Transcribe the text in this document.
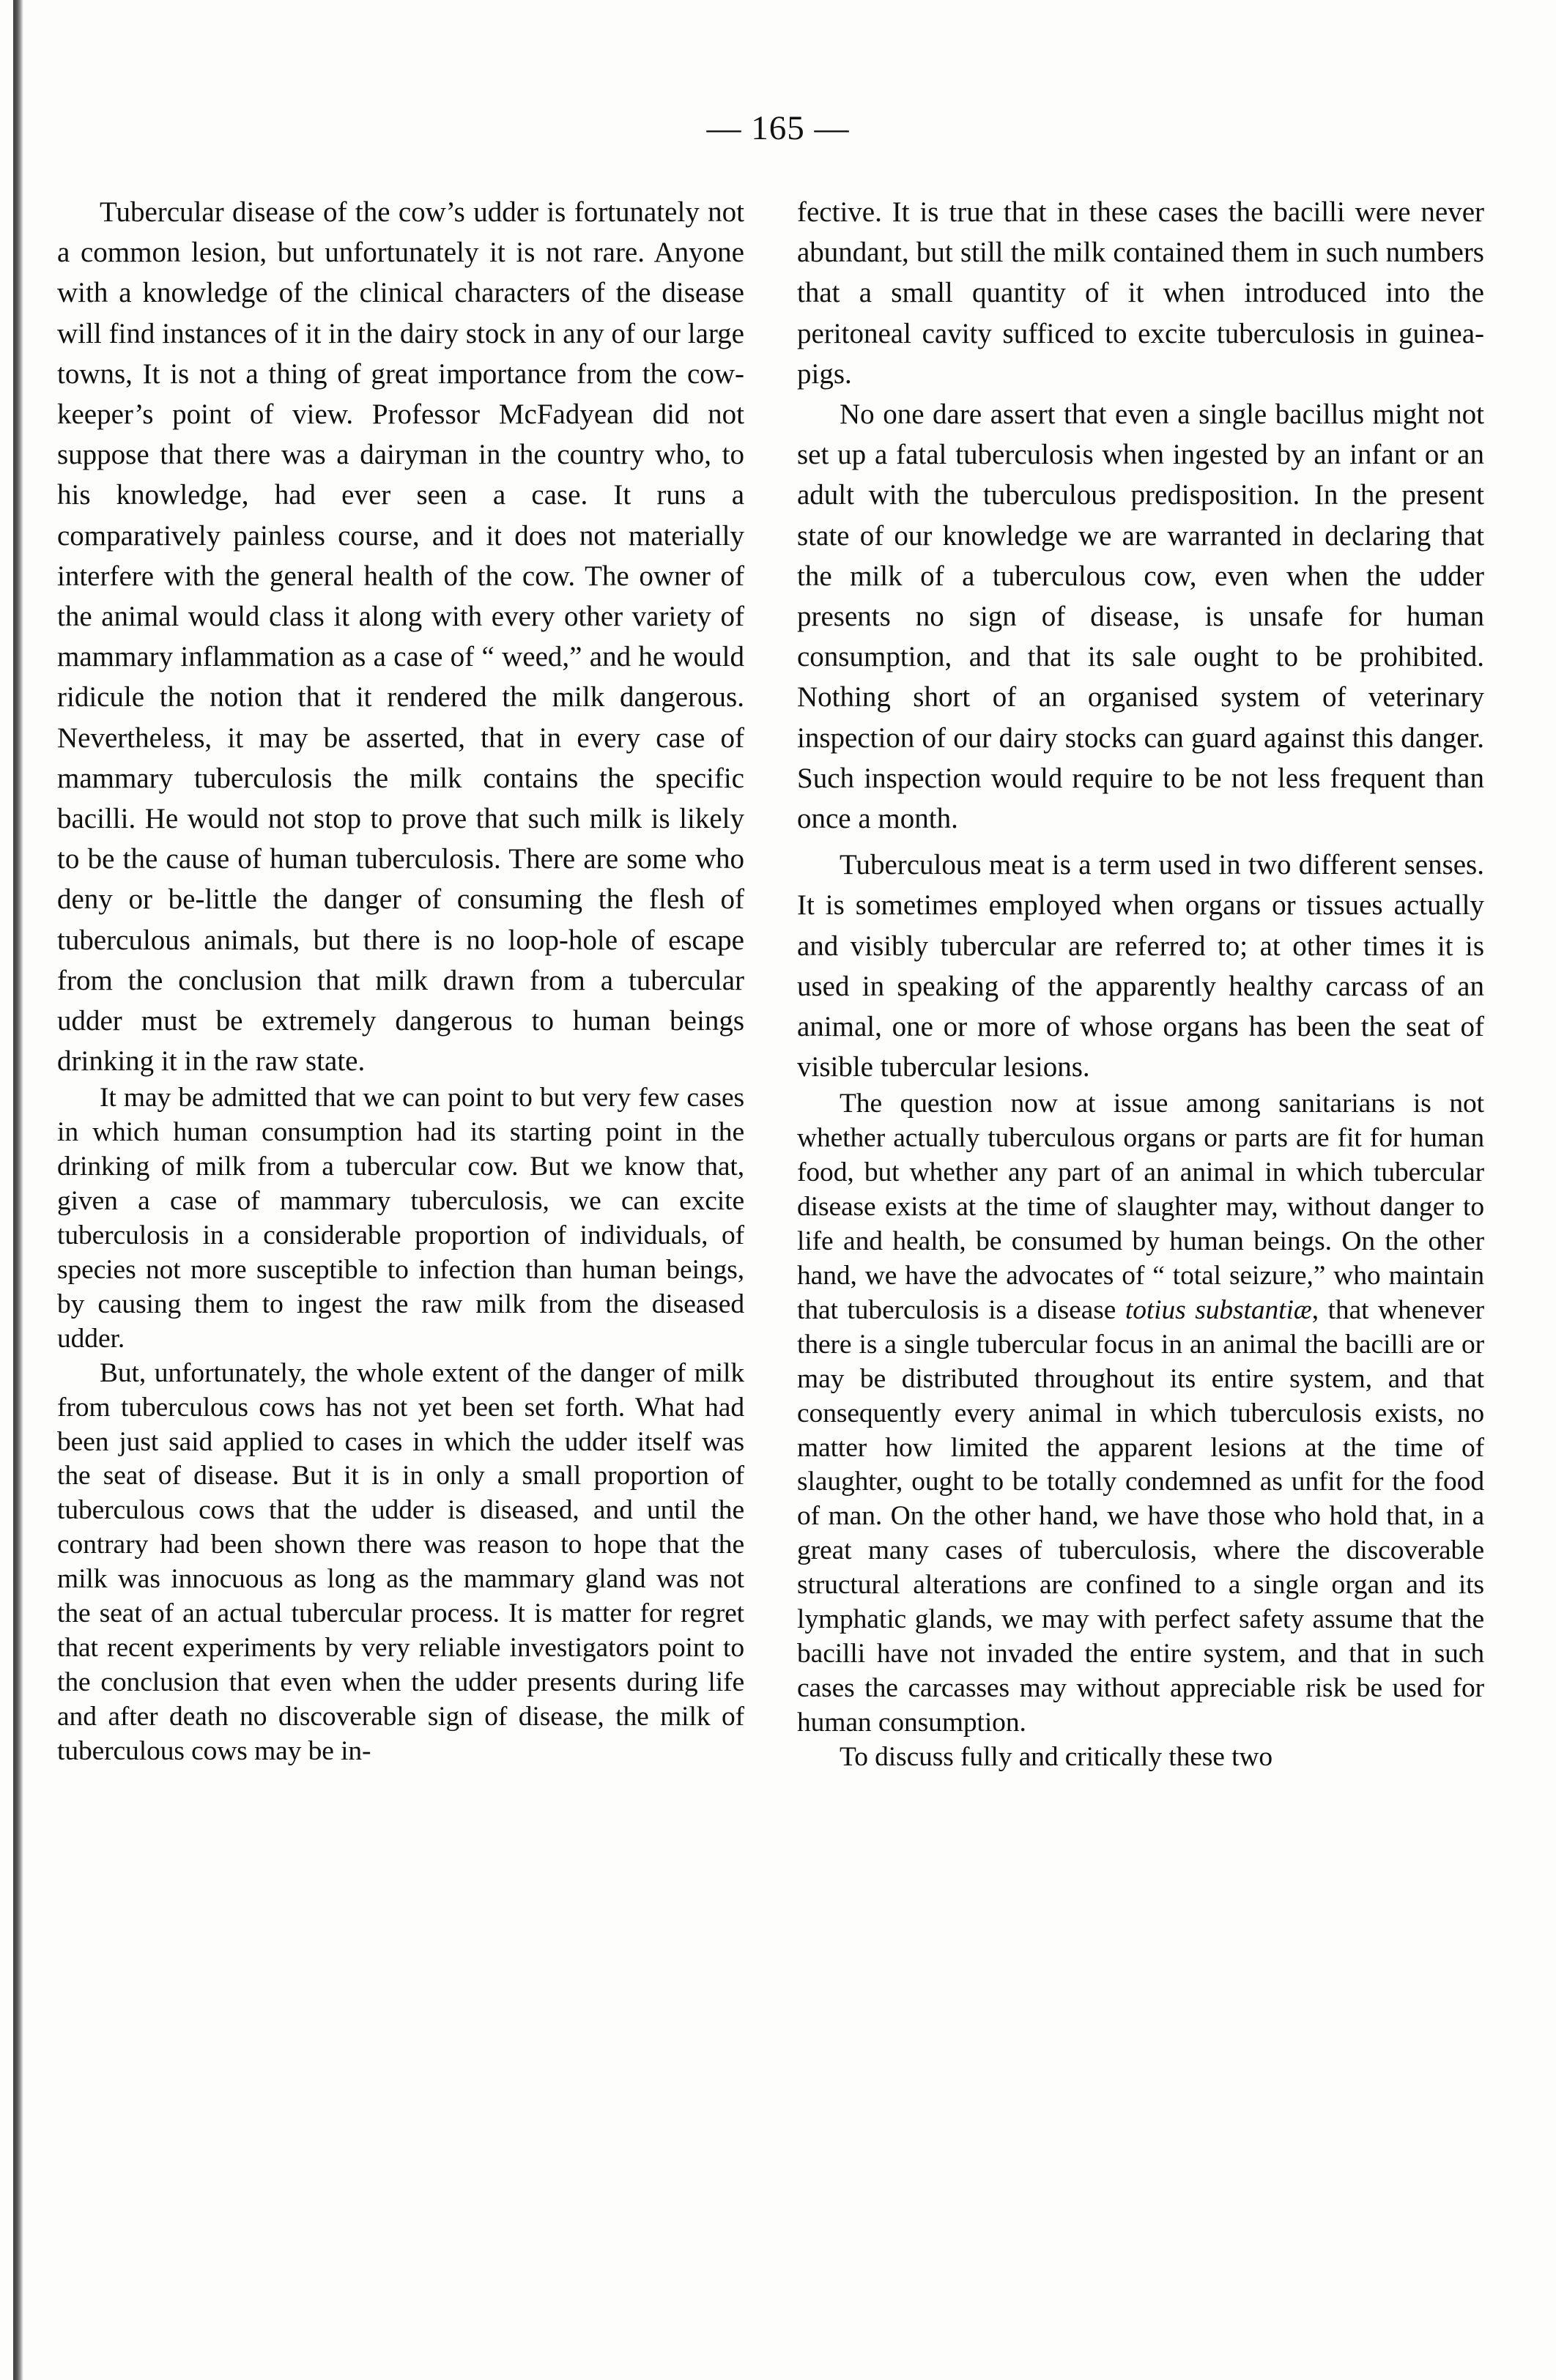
— 165 —

Tubercular disease of the cow’s udder is fortunately not a common lesion, but unfortunately it is not rare. Anyone with a knowledge of the clinical characters of the disease will find instances of it in the dairy stock in any of our large towns, It is not a thing of great importance from the cow-keeper’s point of view. Professor McFadyean did not suppose that there was a dairyman in the country who, to his knowledge, had ever seen a case. It runs a comparatively painless course, and it does not materially interfere with the general health of the cow. The owner of the animal would class it along with every other variety of mammary inflammation as a case of “ weed,” and he would ridicule the notion that it rendered the milk dangerous. Nevertheless, it may be asserted, that in every case of mammary tuberculosis the milk contains the specific bacilli. He would not stop to prove that such milk is likely to be the cause of human tuberculosis. There are some who deny or be-little the danger of consuming the flesh of tuberculous animals, but there is no loop-hole of escape from the conclusion that milk drawn from a tubercular udder must be extremely dangerous to human beings drinking it in the raw state.

It may be admitted that we can point to but very few cases in which human consumption had its starting point in the drinking of milk from a tubercular cow. But we know that, given a case of mammary tuberculosis, we can excite tuberculosis in a considerable proportion of individuals, of species not more susceptible to infection than human beings, by causing them to ingest the raw milk from the diseased udder.

But, unfortunately, the whole extent of the danger of milk from tuberculous cows has not yet been set forth. What had been just said applied to cases in which the udder itself was the seat of disease. But it is in only a small proportion of tuberculous cows that the udder is diseased, and until the contrary had been shown there was reason to hope that the milk was innocuous as long as the mammary gland was not the seat of an actual tubercular process. It is matter for regret that recent experiments by very reliable investigators point to the conclusion that even when the udder presents during life and after death no discoverable sign of disease, the milk of tuberculous cows may be in-

fective. It is true that in these cases the bacilli were never abundant, but still the milk contained them in such numbers that a small quantity of it when introduced into the peritoneal cavity sufficed to excite tuberculosis in guinea-pigs.

No one dare assert that even a single bacillus might not set up a fatal tuberculosis when ingested by an infant or an adult with the tuberculous predisposition. In the present state of our knowledge we are warranted in declaring that the milk of a tuberculous cow, even when the udder presents no sign of disease, is unsafe for human consumption, and that its sale ought to be prohibited. Nothing short of an organised system of veterinary inspection of our dairy stocks can guard against this danger. Such inspection would require to be not less frequent than once a month.

Tuberculous meat is a term used in two different senses. It is sometimes employed when organs or tissues actually and visibly tubercular are referred to; at other times it is used in speaking of the apparently healthy carcass of an animal, one or more of whose organs has been the seat of visible tubercular lesions.

The question now at issue among sanitarians is not whether actually tuberculous organs or parts are fit for human food, but whether any part of an animal in which tubercular disease exists at the time of slaughter may, without danger to life and health, be consumed by human beings. On the other hand, we have the advocates of “ total seizure,” who maintain that tuberculosis is a disease totius substantiæ, that whenever there is a single tubercular focus in an animal the bacilli are or may be distributed throughout its entire system, and that consequently every animal in which tuberculosis exists, no matter how limited the apparent lesions at the time of slaughter, ought to be totally condemned as unfit for the food of man. On the other hand, we have those who hold that, in a great many cases of tuberculosis, where the discoverable structural alterations are confined to a single organ and its lymphatic glands, we may with perfect safety assume that the bacilli have not invaded the entire system, and that in such cases the carcasses may without appreciable risk be used for human consumption.

To discuss fully and critically these two
